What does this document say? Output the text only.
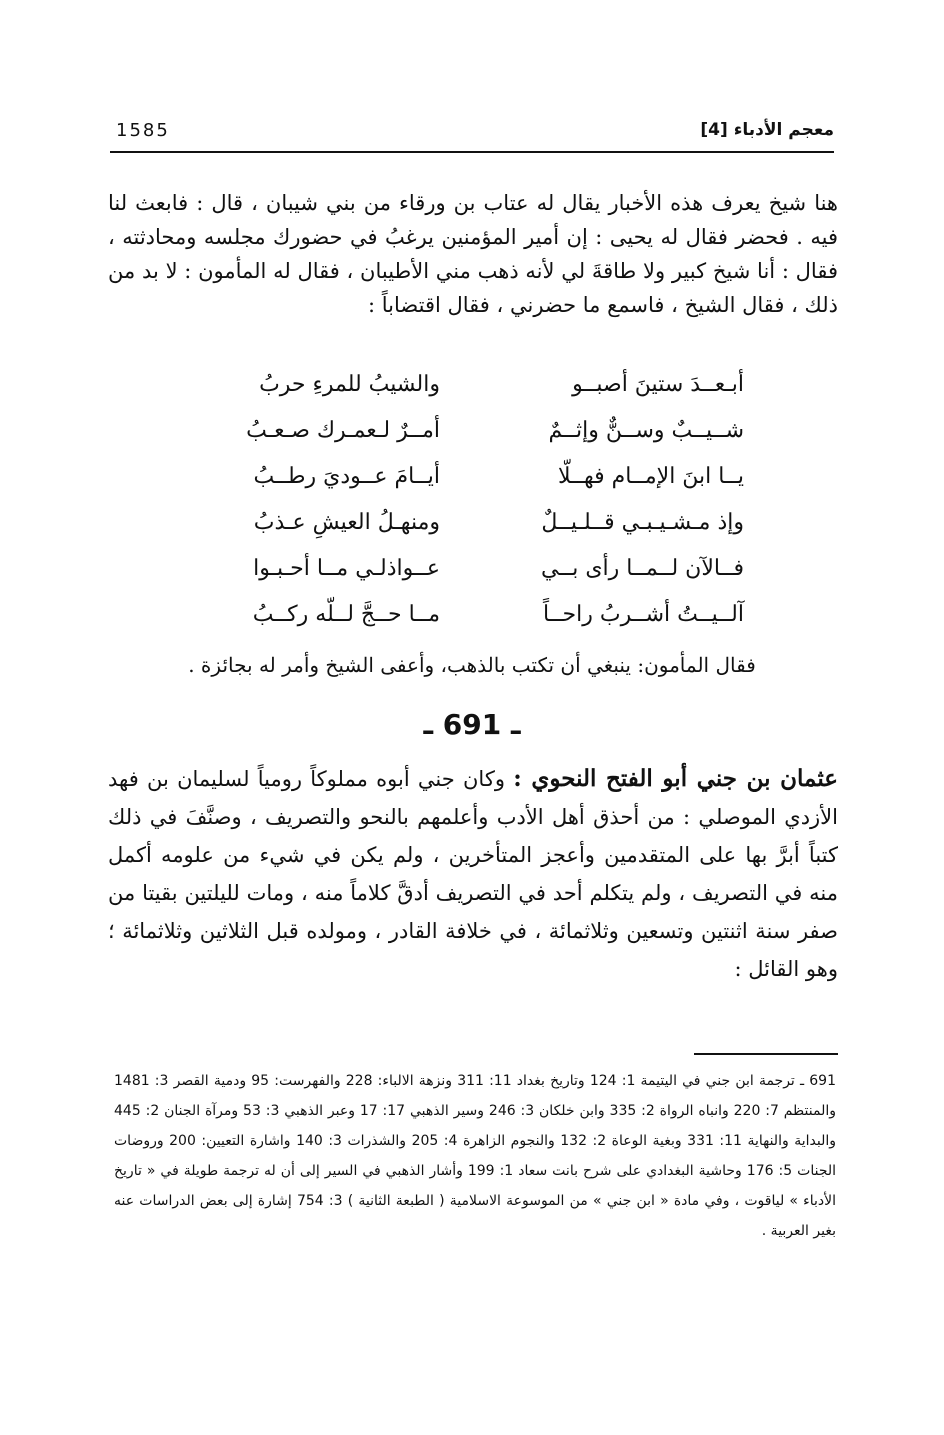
معجم الأدباء [4]
1585

هنا شيخ يعرف هذه الأخبار يقال له عتاب بن ورقاء من بني شيبان ، قال : فابعث لنا فيه . فحضر فقال له يحيى : إن أمير المؤمنين يرغبُ في حضورك مجلسه ومحادثته ، فقال : أنا شيخ كبير ولا طاقةَ لي لأنه ذهب مني الأطيبان ، فقال له المأمون : لا بد من ذلك ، فقال الشيخ ، فاسمع ما حضرني ، فقال اقتضاباً :

أبـعــدَ ستينَ أصبــو
والشيبُ للمرءِ حربُ
شــيــبٌ وســنٌّ وإثــمٌ
أمــرٌ لـعمـرك صـعـبُ
يــا ابنَ الإمــام فهــلّا
أيــامَ عــوديَ رطــبُ
وإذ مـشـيـبـي قــلـيــلٌ
ومنهـلُ العيشِ عـذبُ
فــالآن لــمــا رأى بــي
عــواذلـي مــا أحـبـوا
آلــيــتُ أشــربُ راحــاً
مــا حــجَّ لــلّه ركــبُ
فقال المأمون: ينبغي أن تكتب بالذهب، وأعفى الشيخ وأمر له بجائزة .
ـ 691 ـ

عثمان بن جني أبو الفتح النحوي : وكان جني أبوه مملوكاً رومياً لسليمان بن فهد الأزدي الموصلي : من أحذق أهل الأدب وأعلمهم بالنحو والتصريف ، وصنَّفَ في ذلك كتباً أبرَّ بها على المتقدمين وأعجز المتأخرين ، ولم يكن في شيء من علومه أكمل منه في التصريف ، ولم يتكلم أحد في التصريف أدقَّ كلاماً منه ، ومات لليلتين بقيتا من صفر سنة اثنتين وتسعين وثلاثمائة ، في خلافة القادر ، ومولده قبل الثلاثين وثلاثمائة ؛ وهو القائل :

691 ـ ترجمة ابن جني في اليتيمة 1: 124 وتاريخ بغداد 11: 311 ونزهة الالباء: 228 والفهرست: 95 ودمية القصر 3: 1481 والمنتظم 7: 220 وانباه الرواة 2: 335 وابن خلكان 3: 246 وسير الذهبي 17: 17 وعبر الذهبي 3: 53 ومرآة الجنان 2: 445 والبداية والنهاية 11: 331 وبغية الوعاة 2: 132 والنجوم الزاهرة 4: 205 والشذرات 3: 140 واشارة التعيين: 200 وروضات الجنات 5: 176 وحاشية البغدادي على شرح بانت سعاد 1: 199 وأشار الذهبي في السير إلى أن له ترجمة طويلة في « تاريخ الأدباء » لياقوت ، وفي مادة « ابن جني » من الموسوعة الاسلامية ( الطبعة الثانية ) 3: 754 إشارة إلى بعض الدراسات عنه بغير العربية .
